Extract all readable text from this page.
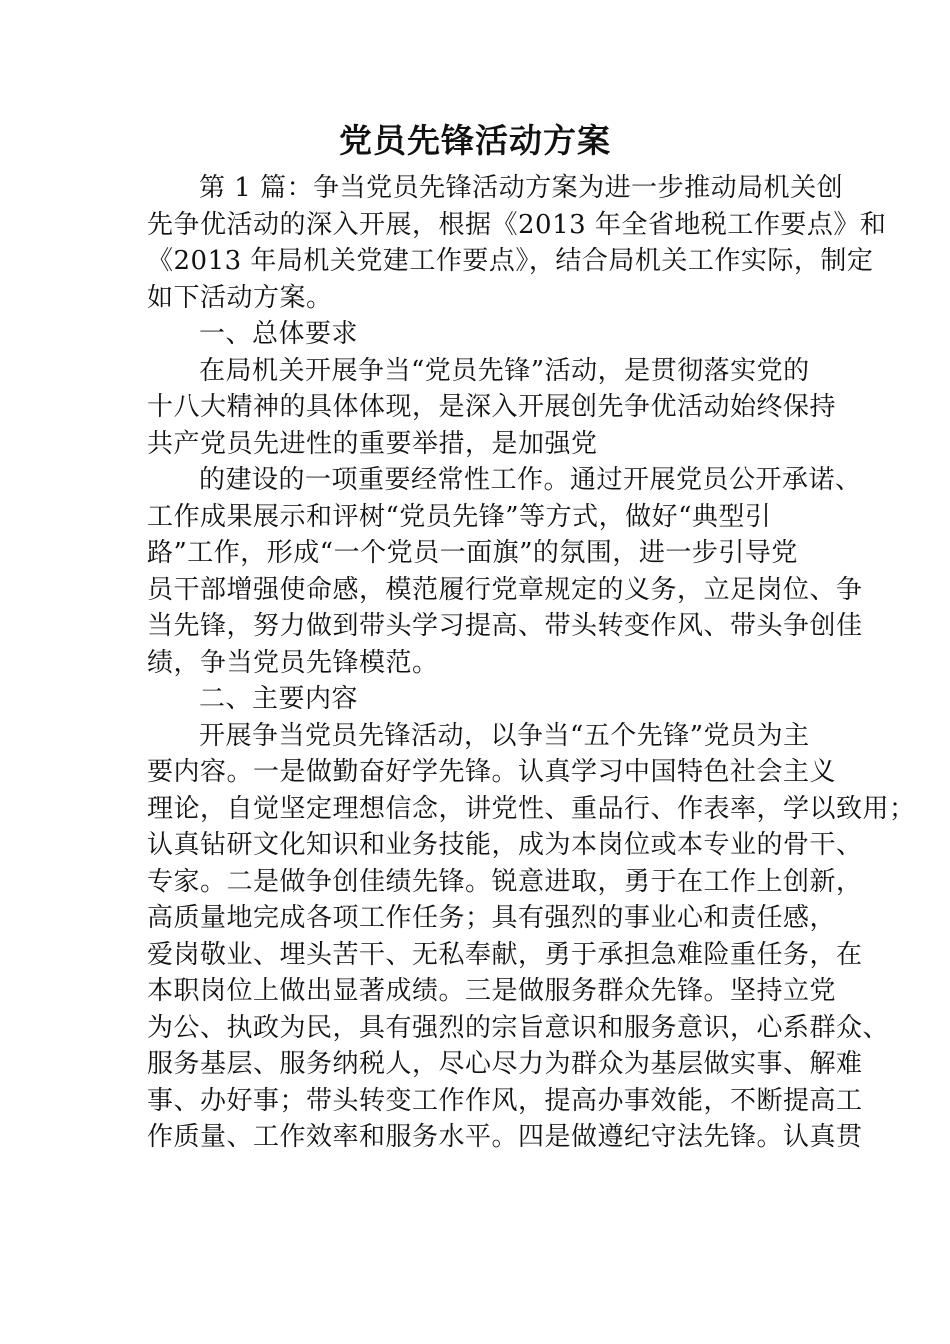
党员先锋活动方案
第 1 篇：争当党员先锋活动方案为进一步推动局机关创
先争优活动的深入开展，根据《2013 年全省地税工作要点》和
《2013 年局机关党建工作要点》，结合局机关工作实际，制定
如下活动方案。
一、总体要求
在局机关开展争当“党员先锋”活动，是贯彻落实党的
十八大精神的具体体现，是深入开展创先争优活动始终保持
共产党员先进性的重要举措，是加强党
的建设的一项重要经常性工作。通过开展党员公开承诺、
工作成果展示和评树“党员先锋”等方式，做好“典型引
路”工作，形成“一个党员一面旗”的氛围，进一步引导党
员干部增强使命感，模范履行党章规定的义务，立足岗位、争
当先锋，努力做到带头学习提高、带头转变作风、带头争创佳
绩，争当党员先锋模范。
二、主要内容
开展争当党员先锋活动，以争当“五个先锋”党员为主
要内容。一是做勤奋好学先锋。认真学习中国特色社会主义
理论，自觉坚定理想信念，讲党性、重品行、作表率，学以致用；
认真钻研文化知识和业务技能，成为本岗位或本专业的骨干、
专家。二是做争创佳绩先锋。锐意进取，勇于在工作上创新，
高质量地完成各项工作任务；具有强烈的事业心和责任感，
爱岗敬业、埋头苦干、无私奉献，勇于承担急难险重任务，在
本职岗位上做出显著成绩。三是做服务群众先锋。坚持立党
为公、执政为民，具有强烈的宗旨意识和服务意识，心系群众、
服务基层、服务纳税人，尽心尽力为群众为基层做实事、解难
事、办好事；带头转变工作作风，提高办事效能，不断提高工
作质量、工作效率和服务水平。四是做遵纪守法先锋。认真贯
